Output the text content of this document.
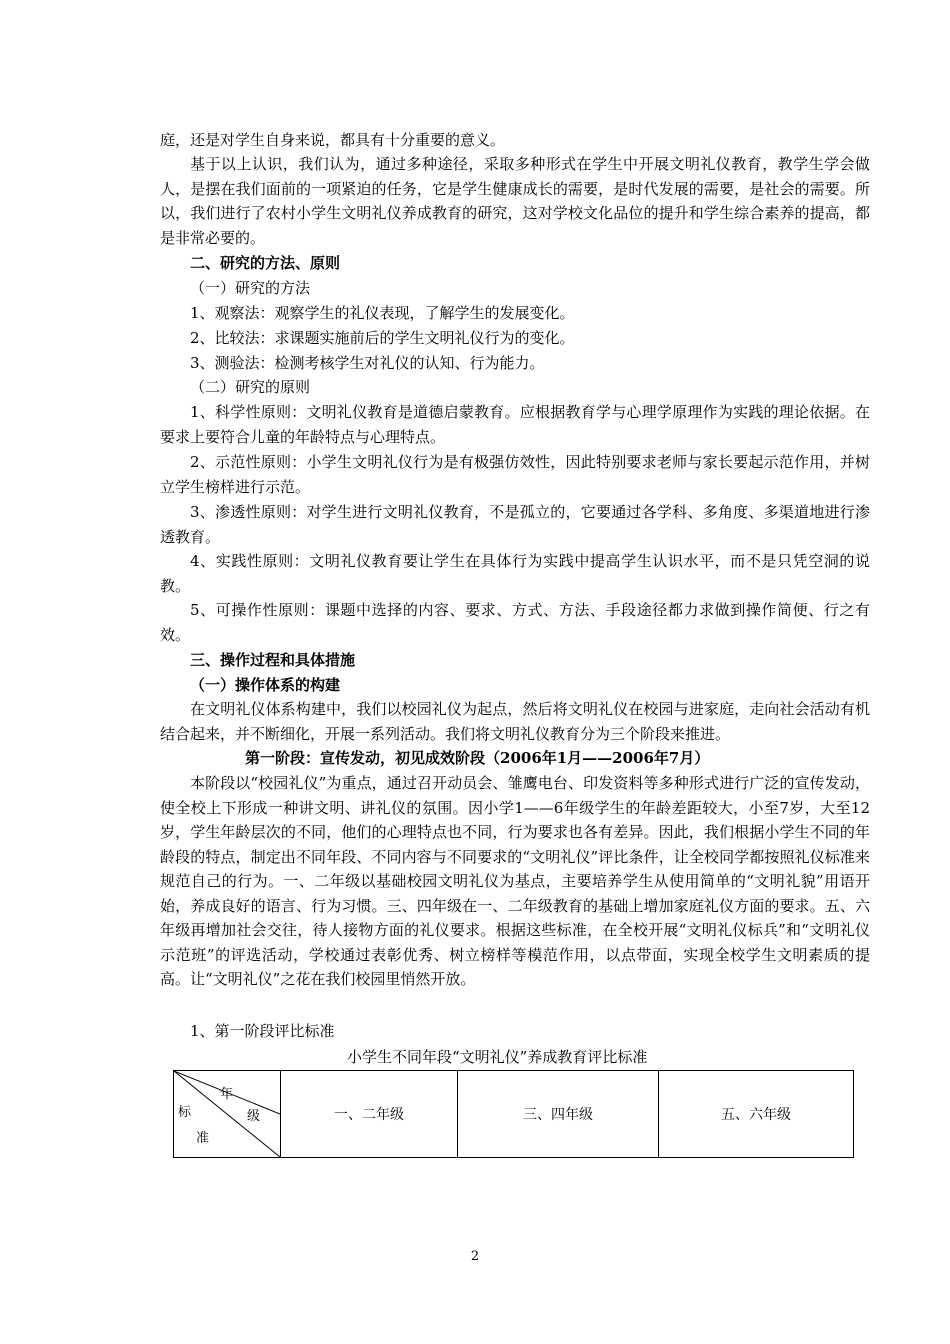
庭，还是对学生自身来说，都具有十分重要的意义。
基于以上认识，我们认为，通过多种途径，采取多种形式在学生中开展文明礼仪教育，教学生学会做人，是摆在我们面前的一项紧迫的任务，它是学生健康成长的需要，是时代发展的需要，是社会的需要。所以，我们进行了农村小学生文明礼仪养成教育的研究，这对学校文化品位的提升和学生综合素养的提高，都是非常必要的。
二、研究的方法、原则
（一）研究的方法
1、观察法：观察学生的礼仪表现，了解学生的发展变化。
2、比较法：求课题实施前后的学生文明礼仪行为的变化。
3、测验法：检测考核学生对礼仪的认知、行为能力。
（二）研究的原则
1、科学性原则：文明礼仪教育是道德启蒙教育。应根据教育学与心理学原理作为实践的理论依据。在要求上要符合儿童的年龄特点与心理特点。
2、示范性原则：小学生文明礼仪行为是有极强仿效性，因此特别要求老师与家长要起示范作用，并树立学生榜样进行示范。
3、渗透性原则：对学生进行文明礼仪教育，不是孤立的，它要通过各学科、多角度、多渠道地进行渗透教育。
4、实践性原则：文明礼仪教育要让学生在具体行为实践中提高学生认识水平，而不是只凭空洞的说教。
5、可操作性原则：课题中选择的内容、要求、方式、方法、手段途径都力求做到操作简便、行之有效。
三、操作过程和具体措施
（一）操作体系的构建
在文明礼仪体系构建中，我们以校园礼仪为起点，然后将文明礼仪在校园与进家庭，走向社会活动有机结合起来，并不断细化，开展一系列活动。我们将文明礼仪教育分为三个阶段来推进。
第一阶段：宣传发动，初见成效阶段（2006年1月——2006年7月）
本阶段以“校园礼仪”为重点，通过召开动员会、雏鹰电台、印发资料等多种形式进行广泛的宣传发动，使全校上下形成一种讲文明、讲礼仪的氛围。因小学1——6年级学生的年龄差距较大，小至7岁，大至12岁，学生年龄层次的不同，他们的心理特点也不同，行为要求也各有差异。因此，我们根据小学生不同的年龄段的特点，制定出不同年段、不同内容与不同要求的“文明礼仪”评比条件，让全校同学都按照礼仪标准来规范自己的行为。一、二年级以基础校园文明礼仪为基点，主要培养学生从使用简单的“文明礼貌”用语开始，养成良好的语言、行为习惯。三、四年级在一、二年级教育的基础上增加家庭礼仪方面的要求。五、六年级再增加社会交往，待人接物方面的礼仪要求。根据这些标准，在全校开展“文明礼仪标兵”和“文明礼仪示范班”的评选活动，学校通过表彰优秀、树立榜样等模范作用，以点带面，实现全校学生文明素质的提高。让“文明礼仪”之花在我们校园里悄然开放。
1、第一阶段评比标准
小学生不同年段“文明礼仪”养成教育评比标准
年
级
标
准
	一、二年级	三、四年级	五、六年级
2
